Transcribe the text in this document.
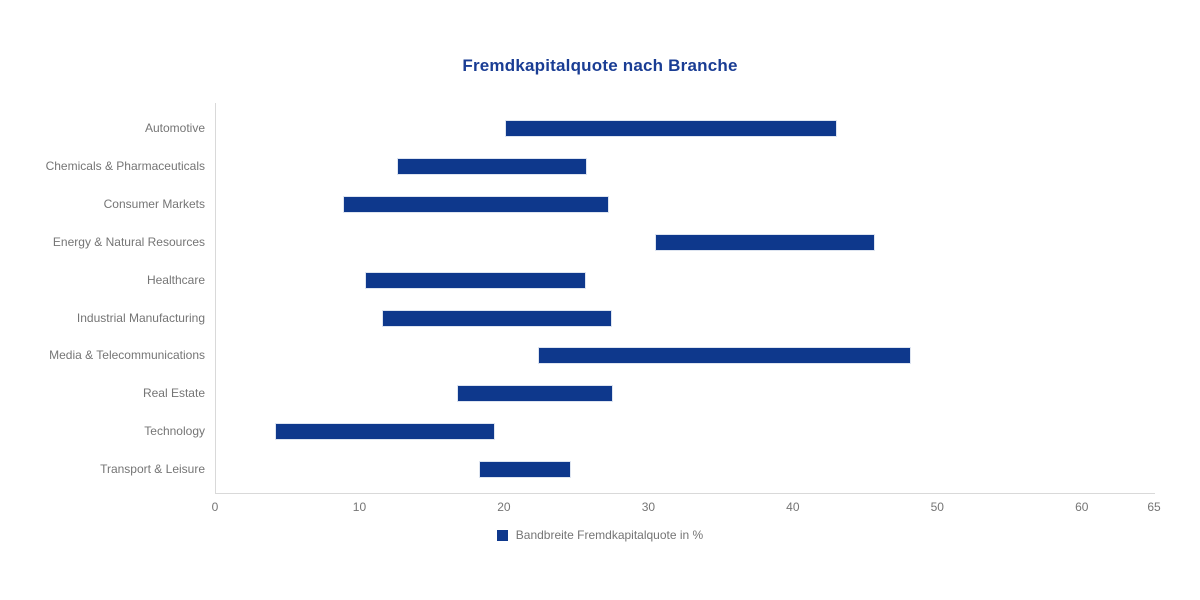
Fremdkapitalquote nach Branche
Automotive
Chemicals & Pharmaceuticals
Consumer Markets
Energy & Natural Resources
Healthcare
Industrial Manufacturing
Media & Telecommunications
Real Estate
Technology
Transport & Leisure
0	10	20	30	40	50	60	65
Bandbreite Fremdkapitalquote in %
